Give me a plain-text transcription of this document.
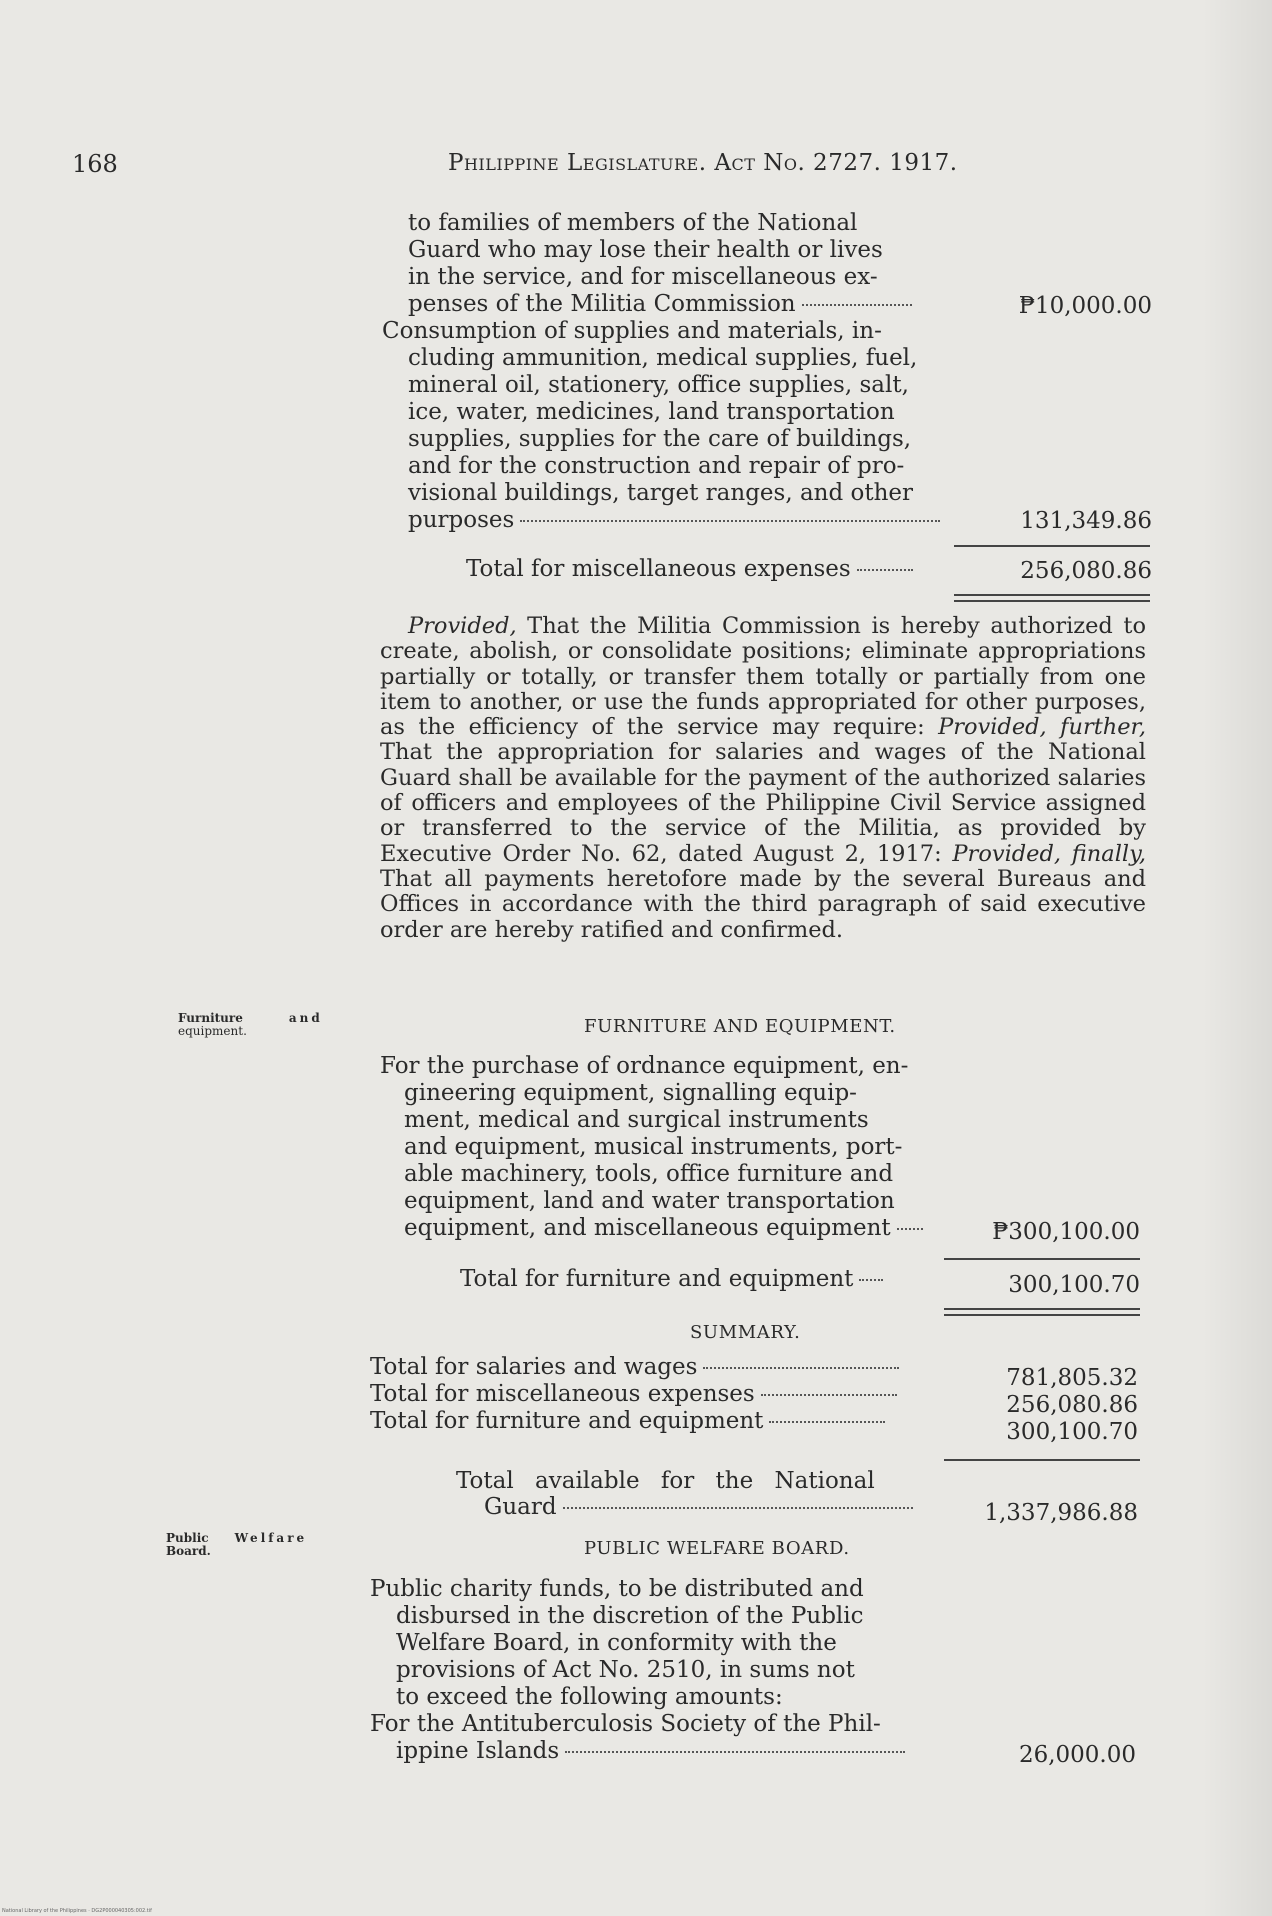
168	Philippine Legislature. Act No. 2727. 1917.
to families of members of the National
Guard who may lose their health or lives
in the service, and for miscellaneous ex-
penses of the Militia Commission	₱10,000.00
Consumption of supplies and materials, in-
cluding ammunition, medical supplies, fuel,
mineral oil, stationery, office supplies, salt,
ice, water, medicines, land transportation
supplies, supplies for the care of buildings,
and for the construction and repair of pro-
visional buildings, target ranges, and other
purposes	131,349.86
Total for miscellaneous expenses	256,080.86
Provided, That the Militia Commission is hereby authorized to create, abolish, or consolidate positions; eliminate appropriations partially or totally, or transfer them totally or partially from one item to another, or use the funds appropriated for other purposes, as the efficiency of the service may require: Provided, further, That the appropriation for salaries and wages of the National Guard shall be available for the payment of the authorized salaries of officers and employees of the Philippine Civil Service assigned or transferred to the service of the Militia, as provided by Executive Order No. 62, dated August 2, 1917: Provided, finally, That all payments heretofore made by the several Bureaus and Offices in accordance with the third paragraph of said executive order are hereby ratified and confirmed.
Furniture	and
equipment.	FURNITURE AND EQUIPMENT.
For the purchase of ordnance equipment, en-
gineering equipment, signalling equip-
ment, medical and surgical instruments
and equipment, musical instruments, port-
able machinery, tools, office furniture and
equipment, land and water transportation
equipment, and miscellaneous equipment	₱300,100.00
Total for furniture and equipment	300,100.70
SUMMARY.
Total for salaries and wages	781,805.32
Total for miscellaneous expenses	256,080.86
Total for furniture and equipment	300,100.70
Total available for the National
Guard	1,337,986.88
Public Welfare
Board.	PUBLIC WELFARE BOARD.
Public charity funds, to be distributed and
disbursed in the discretion of the Public
Welfare Board, in conformity with the
provisions of Act No. 2510, in sums not
to exceed the following amounts:
For the Antituberculosis Society of the Phil-
ippine Islands	26,000.00
National Library of the Philippines · DG2P000040305:002.tif
